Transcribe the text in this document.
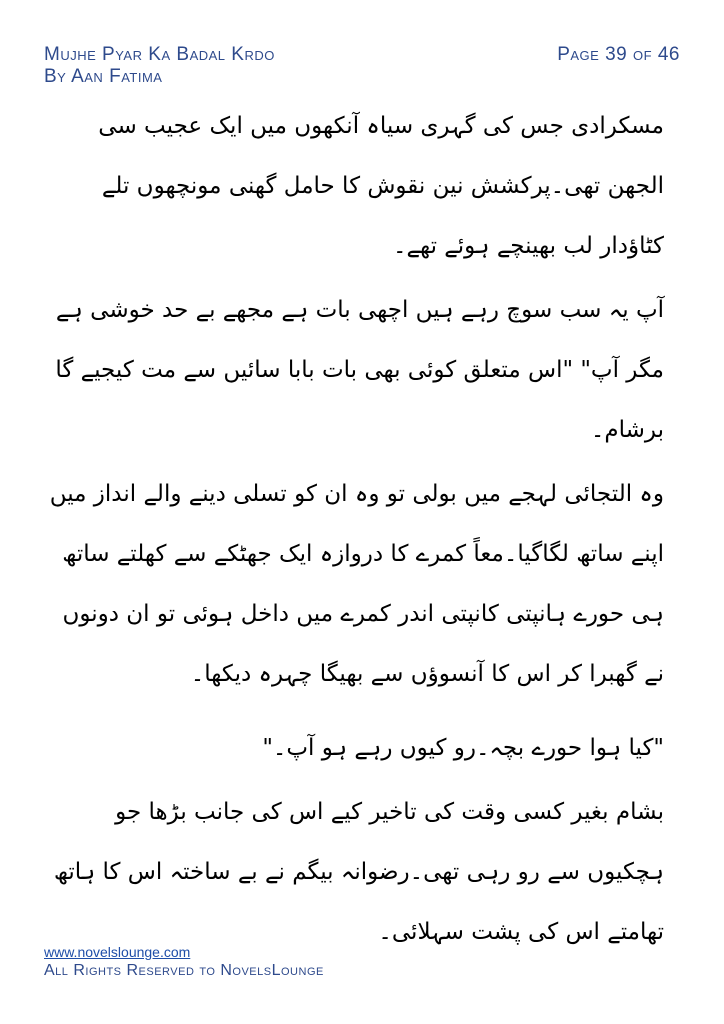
Mujhe Pyar Ka Badal Krdo
By Aan Fatima
Page 39 of 46

مسکرادی جس کی گہری سیاہ آنکھوں میں ایک عجیب سی الجھن تھی۔پرکشش نین نقوش کا حامل گھنی مونچھوں تلے کٹاؤدار لب بھینچے ہوئے تھے۔

آپ یہ سب سوچ رہے ہیں اچھی بات ہے مجھے بے حد خوشی ہے مگر آپ" "اس متعلق کوئی بھی بات بابا سائیں سے مت کیجیے گا برشام۔

وہ التجائی لہجے میں بولی تو وہ ان کو تسلی دینے والے انداز میں اپنے ساتھ لگاگیا۔معاً کمرے کا دروازہ ایک جھٹکے سے کھلتے ساتھ ہی حورے ہانپتی کانپتی اندر کمرے میں داخل ہوئی تو ان دونوں نے گھبرا کر اس کا آنسوؤں سے بھیگا چہرہ دیکھا۔

"کیا ہوا حورے بچہ۔رو کیوں رہے ہو آپ۔"

بشام بغیر کسی وقت کی تاخیر کیے اس کی جانب بڑھا جو ہچکیوں سے رو رہی تھی۔رضوانہ بیگم نے بے ساختہ اس کا ہاتھ تھامتے اس کی پشت سہلائی۔

www.novelslounge.com
All Rights Reserved to NovelsLounge
